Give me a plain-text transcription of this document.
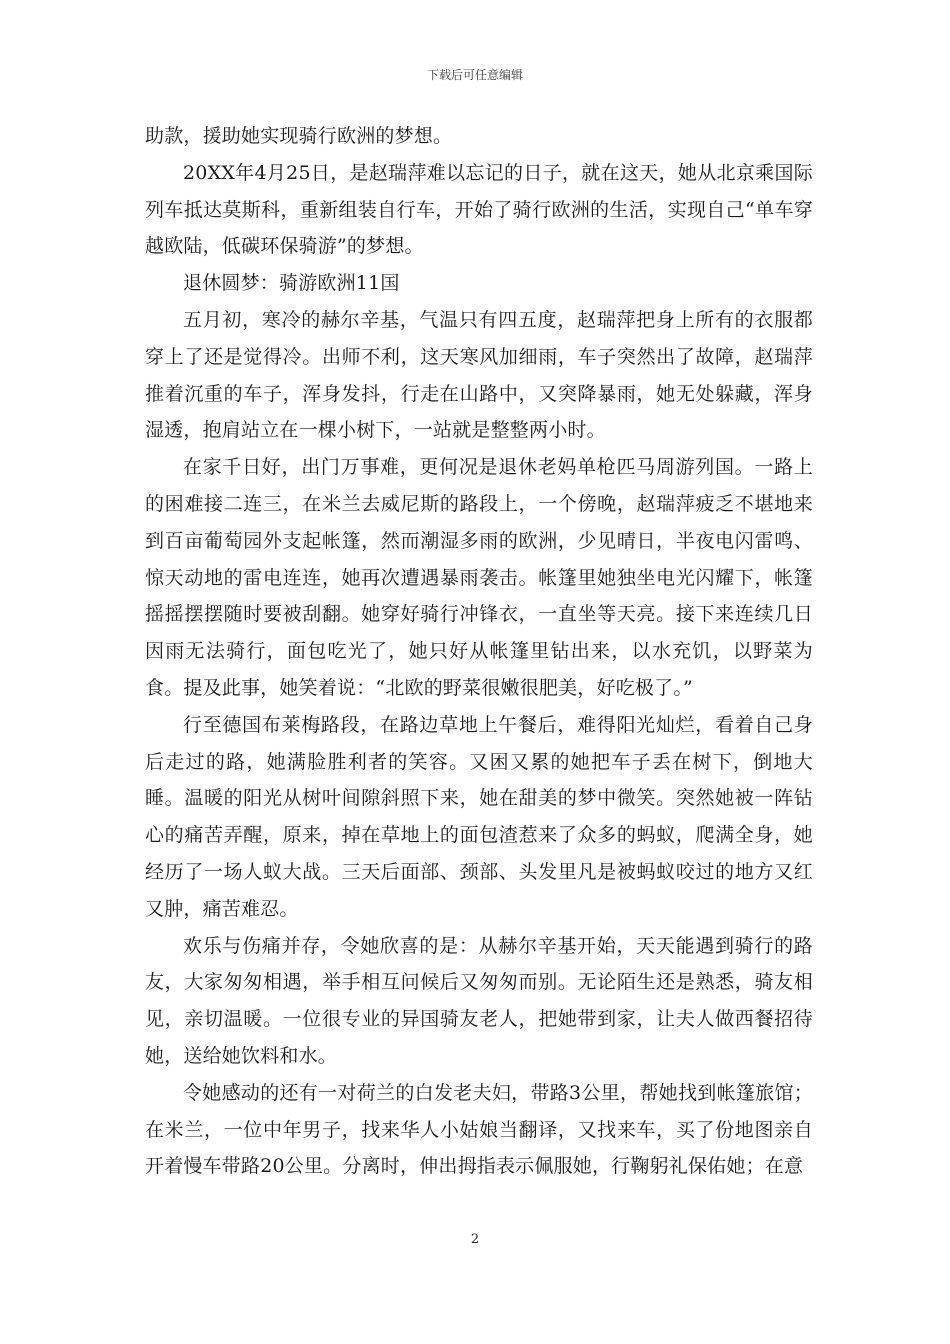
下载后可任意编辑

助款，援助她实现骑行欧洲的梦想。

20XX年4月25日，是赵瑞萍难以忘记的日子，就在这天，她从北京乘国际列车抵达莫斯科，重新组装自行车，开始了骑行欧洲的生活，实现自己“单车穿越欧陆，低碳环保骑游”的梦想。

退休圆梦：骑游欧洲11国

五月初，寒冷的赫尔辛基，气温只有四五度，赵瑞萍把身上所有的衣服都穿上了还是觉得冷。出师不利，这天寒风加细雨，车子突然出了故障，赵瑞萍推着沉重的车子，浑身发抖，行走在山路中，又突降暴雨，她无处躲藏，浑身湿透，抱肩站立在一棵小树下，一站就是整整两小时。

在家千日好，出门万事难，更何况是退休老妈单枪匹马周游列国。一路上的困难接二连三，在米兰去威尼斯的路段上，一个傍晚，赵瑞萍疲乏不堪地来到百亩葡萄园外支起帐篷，然而潮湿多雨的欧洲，少见晴日，半夜电闪雷鸣、惊天动地的雷电连连，她再次遭遇暴雨袭击。帐篷里她独坐电光闪耀下，帐篷摇摇摆摆随时要被刮翻。她穿好骑行冲锋衣，一直坐等天亮。接下来连续几日因雨无法骑行，面包吃光了，她只好从帐篷里钻出来，以水充饥，以野菜为食。提及此事，她笑着说：“北欧的野菜很嫩很肥美，好吃极了。”

行至德国布莱梅路段，在路边草地上午餐后，难得阳光灿烂，看着自己身后走过的路，她满脸胜利者的笑容。又困又累的她把车子丢在树下，倒地大睡。温暖的阳光从树叶间隙斜照下来，她在甜美的梦中微笑。突然她被一阵钻心的痛苦弄醒，原来，掉在草地上的面包渣惹来了众多的蚂蚁，爬满全身，她经历了一场人蚁大战。三天后面部、颈部、头发里凡是被蚂蚁咬过的地方又红又肿，痛苦难忍。

欢乐与伤痛并存，令她欣喜的是：从赫尔辛基开始，天天能遇到骑行的路友，大家匆匆相遇，举手相互问候后又匆匆而别。无论陌生还是熟悉，骑友相见，亲切温暖。一位很专业的异国骑友老人，把她带到家，让夫人做西餐招待她，送给她饮料和水。

令她感动的还有一对荷兰的白发老夫妇，带路3公里，帮她找到帐篷旅馆；在米兰，一位中年男子，找来华人小姑娘当翻译，又找来车，买了份地图亲自开着慢车带路20公里。分离时，伸出拇指表示佩服她，行鞠躬礼保佑她；在意

2
